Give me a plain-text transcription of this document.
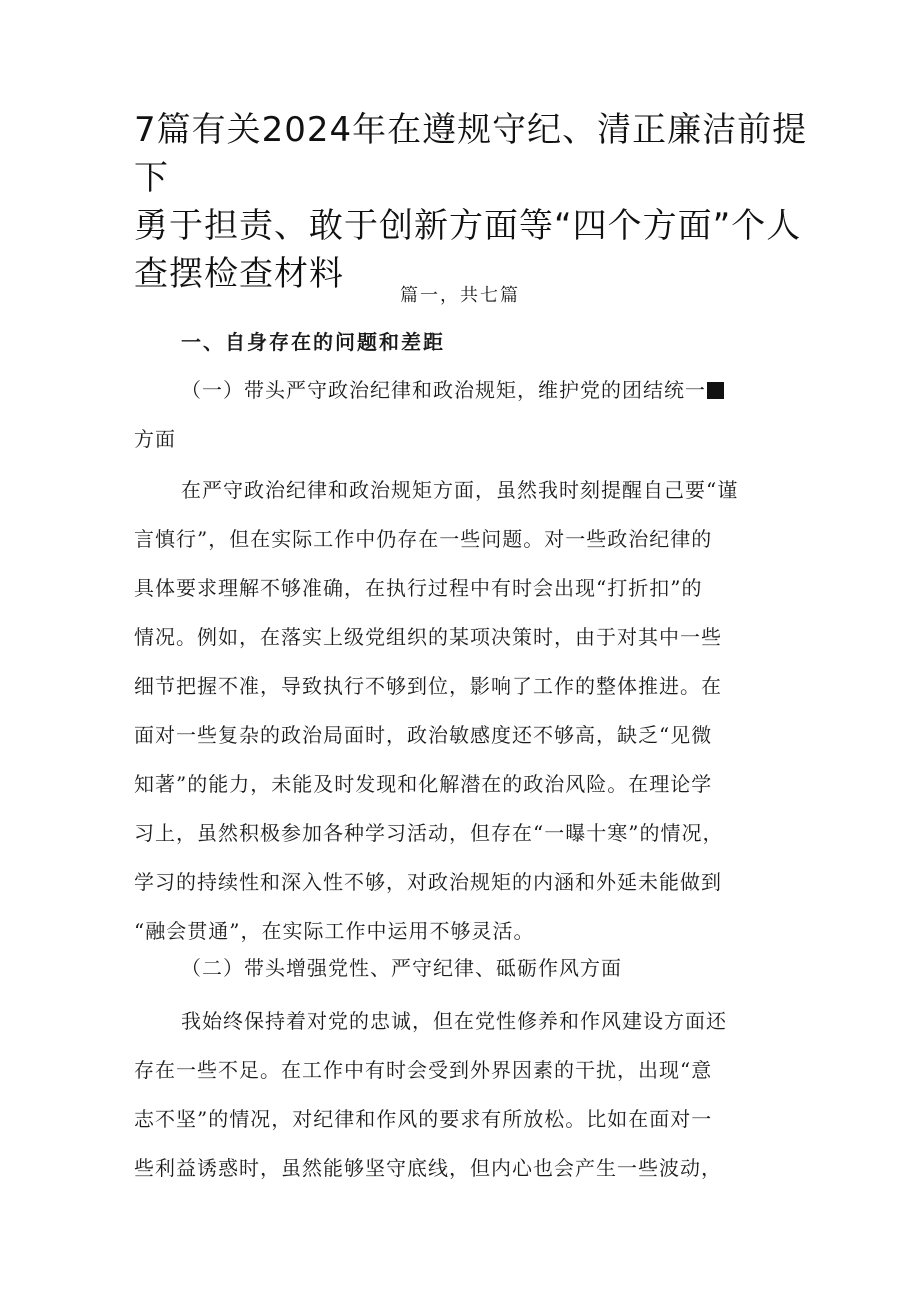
7篇有关2024年在遵规守纪、清正廉洁前提下
勇于担责、敢于创新方面等“四个方面”个人
查摆检查材料
篇一，共七篇
一、自身存在的问题和差距
（一）带头严守政治纪律和政治规矩，维护党的团结统一
方面
在严守政治纪律和政治规矩方面，虽然我时刻提醒自己要“谨
言慎行”，但在实际工作中仍存在一些问题。对一些政治纪律的
具体要求理解不够准确，在执行过程中有时会出现“打折扣”的
情况。例如，在落实上级党组织的某项决策时，由于对其中一些
细节把握不准，导致执行不够到位，影响了工作的整体推进。在
面对一些复杂的政治局面时，政治敏感度还不够高，缺乏“见微
知著”的能力，未能及时发现和化解潜在的政治风险。在理论学
习上，虽然积极参加各种学习活动，但存在“一曝十寒”的情况，
学习的持续性和深入性不够，对政治规矩的内涵和外延未能做到
“融会贯通”，在实际工作中运用不够灵活。
（二）带头增强党性、严守纪律、砥砺作风方面
我始终保持着对党的忠诚，但在党性修养和作风建设方面还
存在一些不足。在工作中有时会受到外界因素的干扰，出现“意
志不坚”的情况，对纪律和作风的要求有所放松。比如在面对一
些利益诱惑时，虽然能够坚守底线，但内心也会产生一些波动，
